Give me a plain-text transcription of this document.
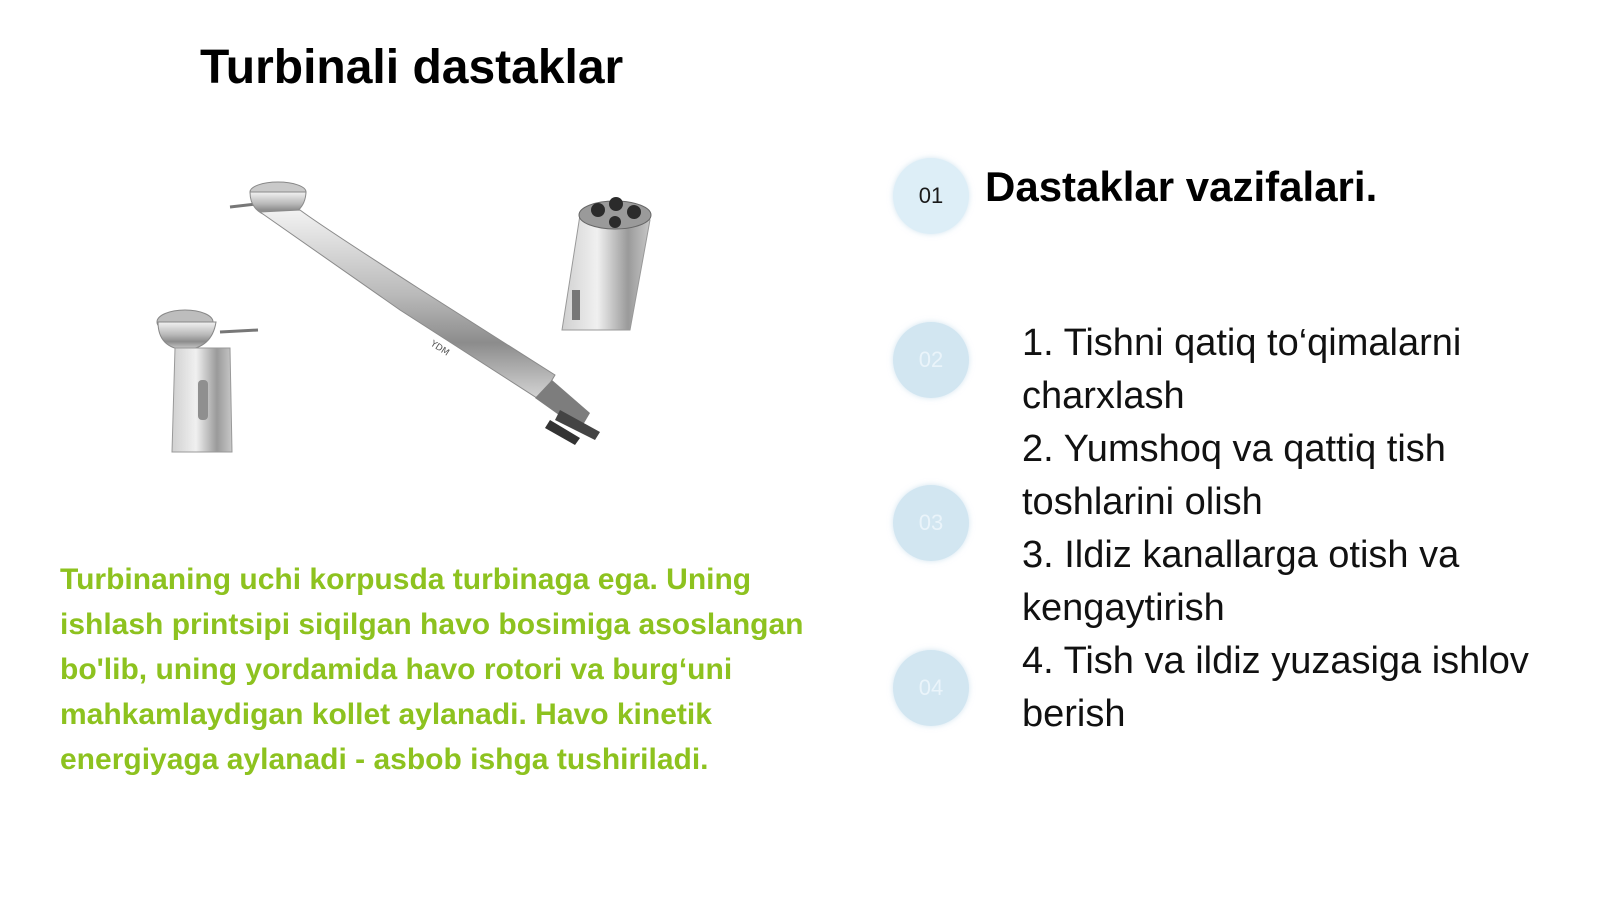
Turbinali dastaklar
YDM
Turbinaning uchi korpusda turbinaga ega. Uning ishlash printsipi siqilgan havo bosimiga asoslangan bo'lib, uning yordamida havo rotori va burg‘uni mahkamlaydigan kollet aylanadi. Havo kinetik energiyaga aylanadi - asbob ishga tushiriladi.
01
02
03
04
Dastaklar vazifalari.
1. Tishni qatiq to‘qimalarni charxlash
2. Yumshoq va qattiq tish toshlarini olish
3. Ildiz kanallarga otish va kengaytirish
4. Tish va ildiz yuzasiga ishlov berish
